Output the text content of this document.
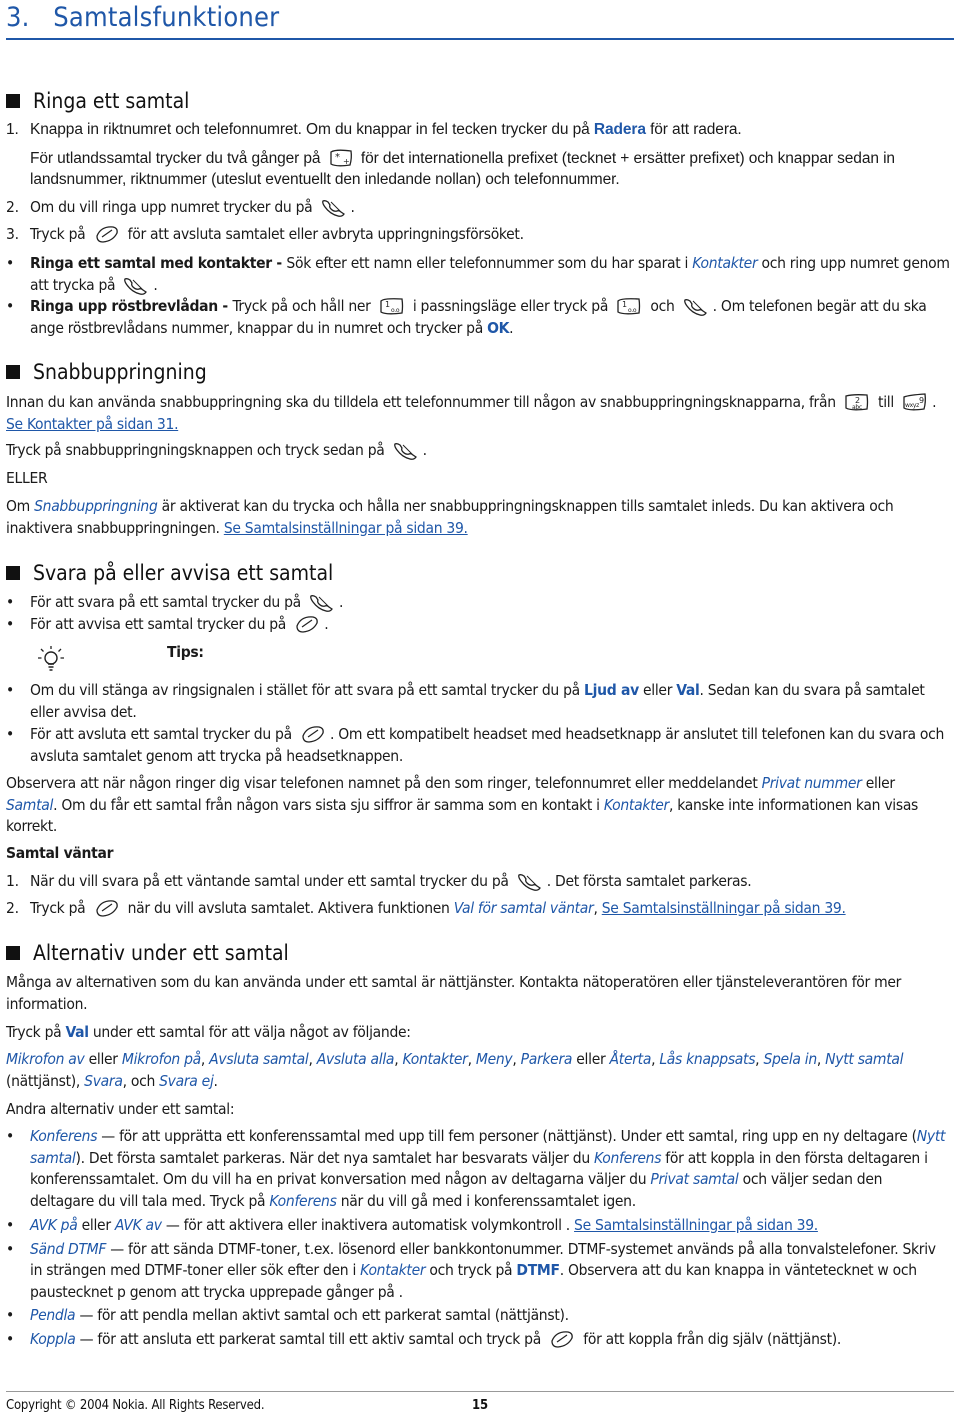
3.   Samtalsfunktioner
Ringa ett samtal
1. Knappa in riktnumret och telefonnumret. Om du knappar in fel tecken trycker du på Radera för att radera.
För utlandssamtal trycker du två gånger på * + för det internationella prefixet (tecknet + ersätter prefixet) och knappar sedan in landsnummer, riktnummer (uteslut eventuellt den inledande nollan) och telefonnummer.
2. Om du vill ringa upp numret trycker du på
.
3. Tryck på
för att avsluta samtalet eller avbryta uppringningsförsöket.
• Ringa ett samtal med kontakter - Sök efter ett namn eller telefonnummer som du har sparat i Kontakter och ring upp numret genom att trycka på
.
• Ringa upp röstbrevlådan - Tryck på och håll ner 1
o.o i passningsläge eller tryck på 1
o.o och
. Om telefonen begär att du ska ange röstbrevlådans nummer, knappar du in numret och trycker på OK.
Snabbuppringning
Innan du kan använda snabbuppringning ska du tilldela ett telefonnummer till någon av snabbuppringningsknapparna, från 2
abc till	9
wxyz . Se Kontakter på sidan 31.
Tryck på snabbuppringningsknappen och tryck sedan på
.
ELLER
Om Snabbuppringning är aktiverat kan du trycka och hålla ner snabbuppringningsknappen tills samtalet inleds. Du kan aktivera och inaktivera snabbuppringningen. Se Samtalsinställningar på sidan 39.
Svara på eller avvisa ett samtal
• För att svara på ett samtal trycker du på
.
• För att avvisa ett samtal trycker du på
.
Tips:
• Om du vill stänga av ringsignalen i stället för att svara på ett samtal trycker du på Ljud av eller Val. Sedan kan du svara på samtalet eller avvisa det.
• För att avsluta ett samtal trycker du på
. Om ett kompatibelt headset med headsetknapp är anslutet till telefonen kan du svara och avsluta samtalet genom att trycka på headsetknappen.
Observera att när någon ringer dig visar telefonen namnet på den som ringer, telefonnumret eller meddelandet Privat nummer eller Samtal. Om du får ett samtal från någon vars sista sju siffror är samma som en kontakt i Kontakter, kanske inte informationen kan visas korrekt.
Samtal väntar
1. När du vill svara på ett väntande samtal under ett samtal trycker du på
. Det första samtalet parkeras.
2. Tryck på
när du vill avsluta samtalet. Aktivera funktionen Val för samtal väntar, Se Samtalsinställningar på sidan 39.
Alternativ under ett samtal
Många av alternativen som du kan använda under ett samtal är nättjänster. Kontakta nätoperatören eller tjänsteleverantören för mer information.
Tryck på Val under ett samtal för att välja något av följande:
Mikrofon av eller Mikrofon på, Avsluta samtal, Avsluta alla, Kontakter, Meny, Parkera eller Återta, Lås knappsats, Spela in, Nytt samtal (nättjänst), Svara, och Svara ej.
Andra alternativ under ett samtal:
• Konferens — för att upprätta ett konferenssamtal med upp till fem personer (nättjänst). Under ett samtal, ring upp en ny deltagare (Nytt samtal). Det första samtalet parkeras. När det nya samtalet har besvarats väljer du Konferens för att koppla in den första deltagaren i konferenssamtalet. Om du vill ha en privat konversation med någon av deltagarna väljer du Privat samtal och väljer sedan den deltagare du vill tala med. Tryck på Konferens när du vill gå med i konferenssamtalet igen.
• AVK på eller AVK av — för att aktivera eller inaktivera automatisk volymkontroll . Se Samtalsinställningar på sidan 39.
• Sänd DTMF — för att sända DTMF-toner, t.ex. lösenord eller bankkontonummer. DTMF-systemet används på alla tonvalstelefoner. Skriv in strängen med DTMF-toner eller sök efter den i Kontakter och tryck på DTMF. Observera att du kan knappa in väntetecknet w och paustecknet p genom att trycka upprepade gånger på .
• Pendla — för att pendla mellan aktivt samtal och ett parkerat samtal (nättjänst).
• Koppla — för att ansluta ett parkerat samtal till ett aktiv samtal och tryck på
för att koppla från dig själv (nättjänst).
Copyright © 2004 Nokia. All Rights Reserved.	15
